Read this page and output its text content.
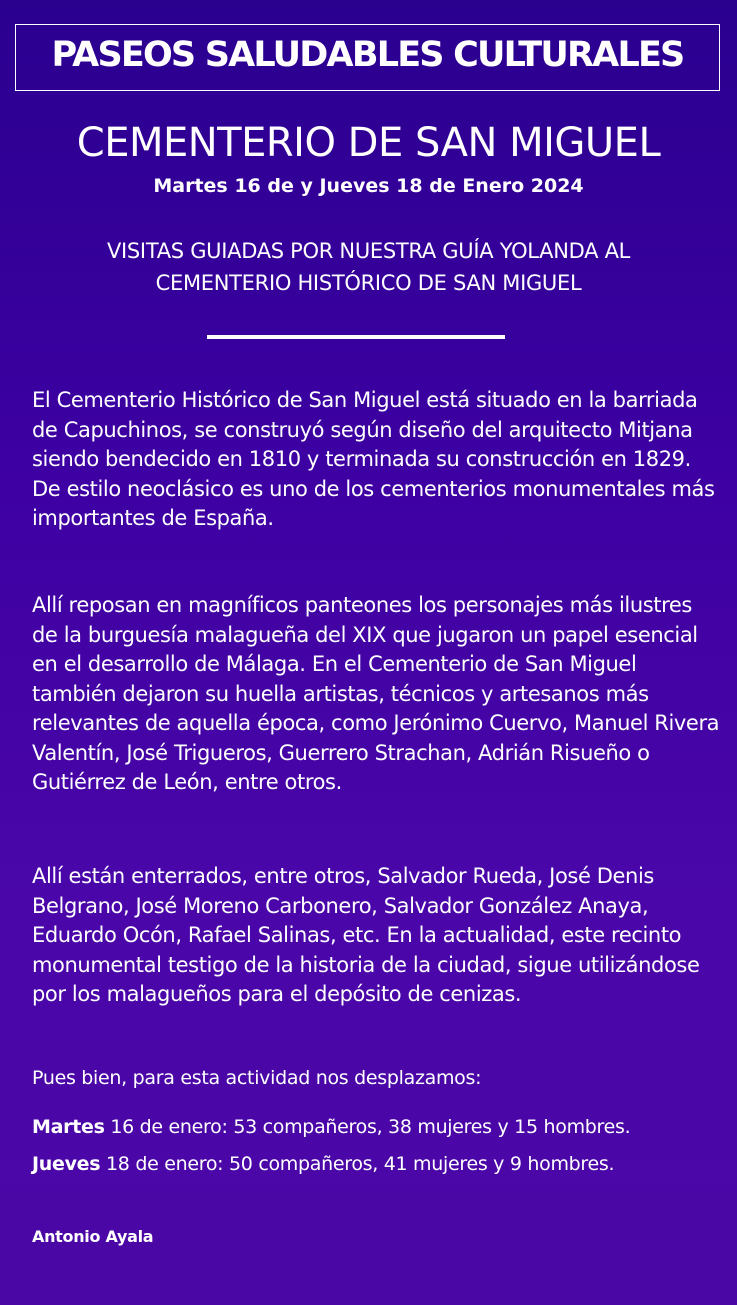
PASEOS SALUDABLES CULTURALES
CEMENTERIO DE SAN MIGUEL
Martes 16 de y Jueves 18 de Enero 2024
VISITAS GUIADAS POR NUESTRA GUÍA YOLANDA AL CEMENTERIO HISTÓRICO DE SAN MIGUEL

El Cementerio Histórico de San Miguel está situado en la barriada de Capuchinos, se construyó según diseño del arquitecto Mitjana siendo bendecido en 1810 y terminada su construcción en 1829. De estilo neoclásico es uno de los cementerios monumentales más importantes de España.

Allí reposan en magníficos panteones los personajes más ilustres de la burguesía malagueña del XIX que jugaron un papel esencial en el desarrollo de Málaga. En el Cementerio de San Miguel también dejaron su huella artistas, técnicos y artesanos más relevantes de aquella época, como Jerónimo Cuervo, Manuel Rivera Valentín, José Trigueros, Guerrero Strachan, Adrián Risueño o Gutiérrez de León, entre otros.

Allí están enterrados, entre otros, Salvador Rueda, José Denis Belgrano, José Moreno Carbonero, Salvador González Anaya, Eduardo Ocón, Rafael Salinas, etc. En la actualidad, este recinto monumental testigo de la historia de la ciudad, sigue utilizándose por los malagueños para el depósito de cenizas.

Pues bien, para esta actividad nos desplazamos:
Martes 16 de enero: 53 compañeros, 38 mujeres y 15 hombres.
Jueves 18 de enero: 50 compañeros, 41 mujeres y 9 hombres.
Antonio Ayala
